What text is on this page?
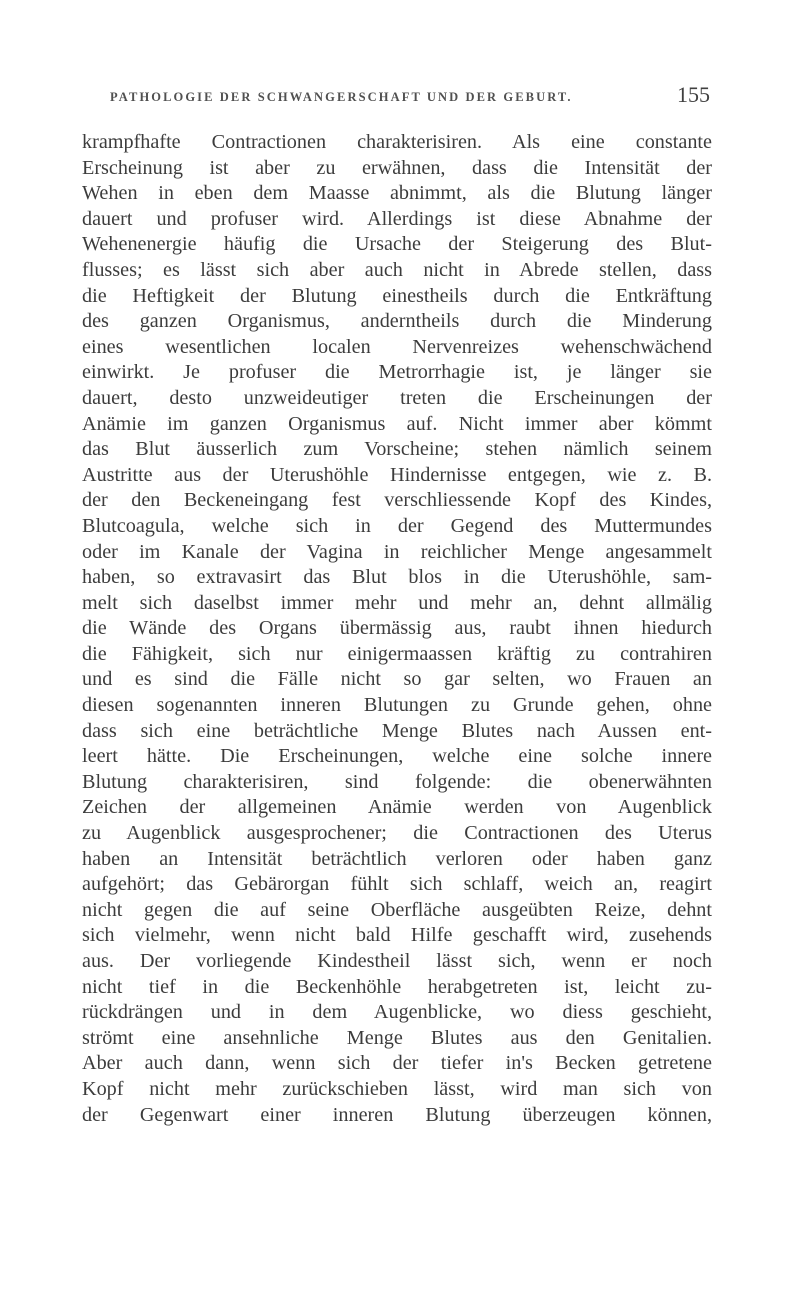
PATHOLOGIE DER SCHWANGERSCHAFT UND DER GEBURT.	155
krampfhafte Contractionen charakterisiren. Als eine constante
Erscheinung ist aber zu erwähnen, dass die Intensität der
Wehen in eben dem Maasse abnimmt, als die Blutung länger
dauert und profuser wird. Allerdings ist diese Abnahme der
Wehenenergie häufig die Ursache der Steigerung des Blut-
flusses; es lässt sich aber auch nicht in Abrede stellen, dass
die Heftigkeit der Blutung einestheils durch die Entkräftung
des ganzen Organismus, anderntheils durch die Minderung
eines wesentlichen localen Nervenreizes wehenschwächend
einwirkt. Je profuser die Metrorrhagie ist, je länger sie
dauert, desto unzweideutiger treten die Erscheinungen der
Anämie im ganzen Organismus auf. Nicht immer aber kömmt
das Blut äusserlich zum Vorscheine; stehen nämlich seinem
Austritte aus der Uterushöhle Hindernisse entgegen, wie z. B.
der den Beckeneingang fest verschliessende Kopf des Kindes,
Blutcoagula, welche sich in der Gegend des Muttermundes
oder im Kanale der Vagina in reichlicher Menge angesammelt
haben, so extravasirt das Blut blos in die Uterushöhle, sam-
melt sich daselbst immer mehr und mehr an, dehnt allmälig
die Wände des Organs übermässig aus, raubt ihnen hiedurch
die Fähigkeit, sich nur einigermaassen kräftig zu contrahiren
und es sind die Fälle nicht so gar selten, wo Frauen an
diesen sogenannten inneren Blutungen zu Grunde gehen, ohne
dass sich eine beträchtliche Menge Blutes nach Aussen ent-
leert hätte. Die Erscheinungen, welche eine solche innere
Blutung charakterisiren, sind folgende: die obenerwähnten
Zeichen der allgemeinen Anämie werden von Augenblick
zu Augenblick ausgesprochener; die Contractionen des Uterus
haben an Intensität beträchtlich verloren oder haben ganz
aufgehört; das Gebärorgan fühlt sich schlaff, weich an, reagirt
nicht gegen die auf seine Oberfläche ausgeübten Reize, dehnt
sich vielmehr, wenn nicht bald Hilfe geschafft wird, zusehends
aus. Der vorliegende Kindestheil lässt sich, wenn er noch
nicht tief in die Beckenhöhle herabgetreten ist, leicht zu-
rückdrängen und in dem Augenblicke, wo diess geschieht,
strömt eine ansehnliche Menge Blutes aus den Genitalien.
Aber auch dann, wenn sich der tiefer in's Becken getretene
Kopf nicht mehr zurückschieben lässt, wird man sich von
der Gegenwart einer inneren Blutung überzeugen können,
